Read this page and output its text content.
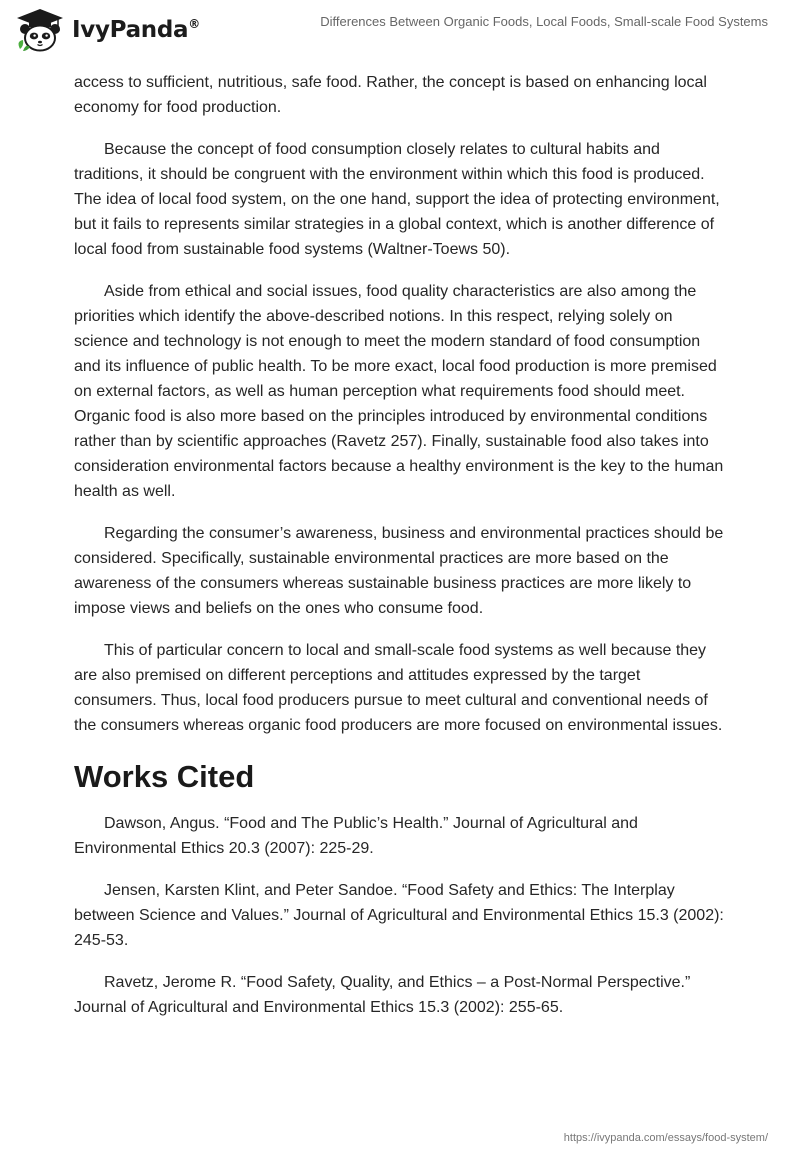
IvyPanda®	Differences Between Organic Foods, Local Foods, Small-scale Food Systems

access to sufficient, nutritious, safe food. Rather, the concept is based on enhancing local economy for food production.

Because the concept of food consumption closely relates to cultural habits and traditions, it should be congruent with the environment within which this food is produced. The idea of local food system, on the one hand, support the idea of protecting environment, but it fails to represents similar strategies in a global context, which is another difference of local food from sustainable food systems (Waltner-Toews 50).

Aside from ethical and social issues, food quality characteristics are also among the priorities which identify the above-described notions. In this respect, relying solely on science and technology is not enough to meet the modern standard of food consumption and its influence of public health. To be more exact, local food production is more premised on external factors, as well as human perception what requirements food should meet. Organic food is also more based on the principles introduced by environmental conditions rather than by scientific approaches (Ravetz 257). Finally, sustainable food also takes into consideration environmental factors because a healthy environment is the key to the human health as well.

Regarding the consumer’s awareness, business and environmental practices should be considered. Specifically, sustainable environmental practices are more based on the awareness of the consumers whereas sustainable business practices are more likely to impose views and beliefs on the ones who consume food.

This of particular concern to local and small-scale food systems as well because they are also premised on different perceptions and attitudes expressed by the target consumers. Thus, local food producers pursue to meet cultural and conventional needs of the consumers whereas organic food producers are more focused on environmental issues.

Works Cited

Dawson, Angus. “Food and The Public’s Health.” Journal of Agricultural and Environmental Ethics 20.3 (2007): 225-29.

Jensen, Karsten Klint, and Peter Sandoe. “Food Safety and Ethics: The Interplay between Science and Values.” Journal of Agricultural and Environmental Ethics 15.3 (2002): 245-53.

Ravetz, Jerome R. “Food Safety, Quality, and Ethics – a Post-Normal Perspective.” Journal of Agricultural and Environmental Ethics 15.3 (2002): 255-65.

https://ivypanda.com/essays/food-system/
